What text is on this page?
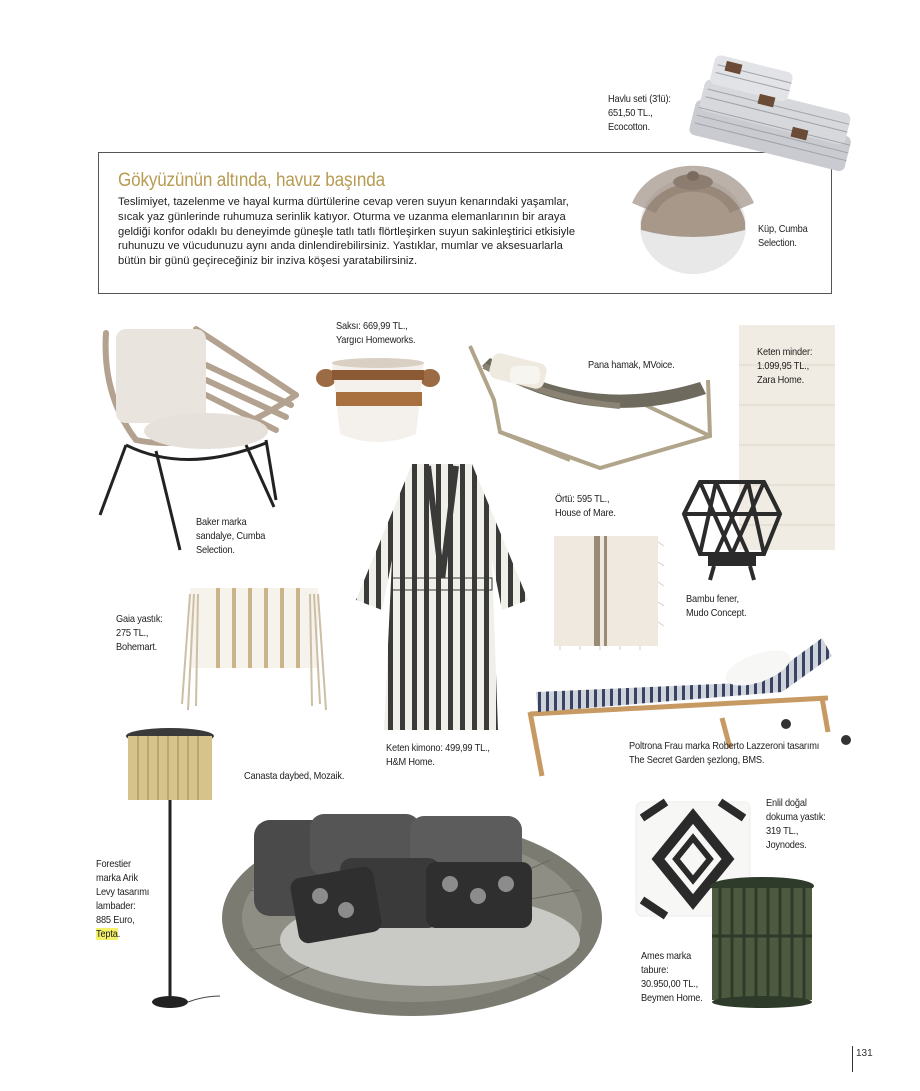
Gökyüzünün altında, havuz başında
Teslimiyet, tazelenme ve hayal kurma dürtülerine cevap veren suyun kenarındaki yaşamlar,
sıcak yaz günlerinde ruhumuza serinlik katıyor. Oturma ve uzanma elemanlarının bir araya
geldiği konfor odaklı bu deneyimde güneşle tatlı tatlı flörtleşirken suyun sakinleştirici etkisiyle
ruhunuzu ve vücudunuzu aynı anda dinlendirebilirsiniz. Yastıklar, mumlar ve aksesuarlarla
bütün bir günü geçireceğiniz bir inziva köşesi yaratabilirsiniz.
Havlu seti (3'lü):
651,50 TL.,
Ecocotton.
Küp, Cumba
Selection.
Baker marka
sandalye, Cumba
Selection.
Saksı: 669,99 TL.,
Yargıcı Homeworks.
Pana hamak, MVoice.
Keten minder:
1.099,95 TL.,
Zara Home.
Keten kimono: 499,99 TL.,
H&M Home.
Örtü: 595 TL.,
House of Mare.
Bambu fener,
Mudo Concept.
Gaia yastık:
275 TL.,
Bohemart.
Poltrona Frau marka Roberto Lazzeroni tasarımı
The Secret Garden şezlong, BMS.
Forestier
marka Arik
Levy tasarımı
lambader:
885 Euro,
Tepta.
Canasta daybed, Mozaik.
Enlil doğal
dokuma yastık:
319 TL.,
Joynodes.
Ames marka
tabure:
30.950,00 TL.,
Beymen Home.
131
